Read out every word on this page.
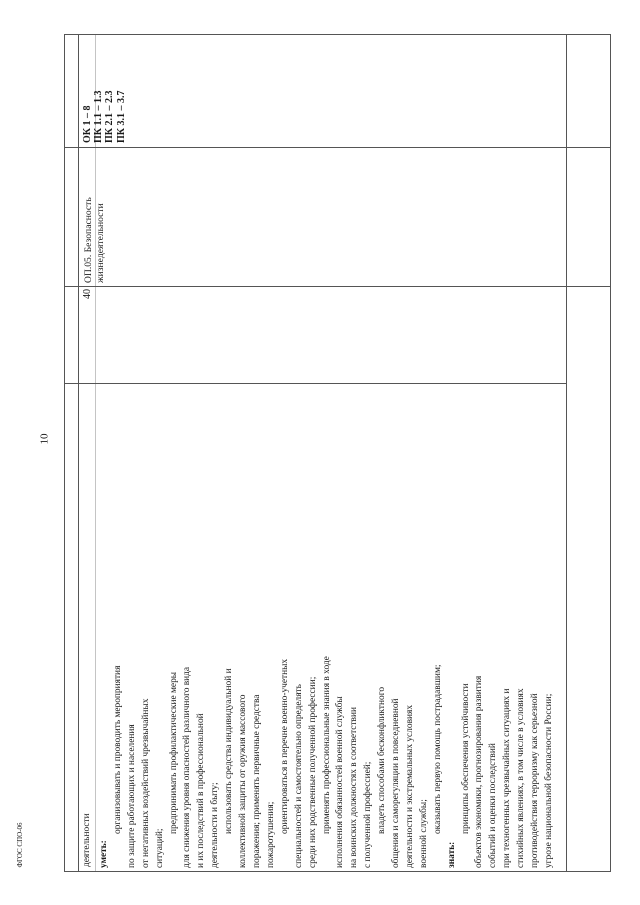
10
ФГОС СПО-06	деятельности уметь:
организовывать и проводить мероприятия по защите работающих и населения от негативных воздействий чрезвычайных ситуаций;
предпринимать профилактические меры для снижения уровня опасностей различного вида и их последствий в профессиональной деятельности и быту; использовать средства индивидуальной и коллективной защиты от оружия массового поражения; применять первичные средства пожаротушения;
ориентироваться в перечне военно-учетных специальностей и самостоятельно определять среди них родственные полученной профессии; применять профессиональные знания в ходе исполнения обязанностей военной службы на воинских должностях в соответствии с полученной профессией; владеть способами бесконфликтного общения и саморегуляции в повседневной деятельности и экстремальных условиях военной службы; оказывать первую помощь пострадавшим;
знать:
принципы обеспечения устойчивости объектов экономики, прогнозирования развития событий и оценки последствий при техногенных чрезвычайных ситуациях и стихийных явлениях, в том числе в условиях противодействия терроризму как серьезной угрозе национальной безопасности России;
40
ОП.05. Безопасность жизнедеятельности
ОК 1 – 8 ПК 1.1 – 1.3 ПК 2.1 – 2.3 ПК 3.1 – 3.7
